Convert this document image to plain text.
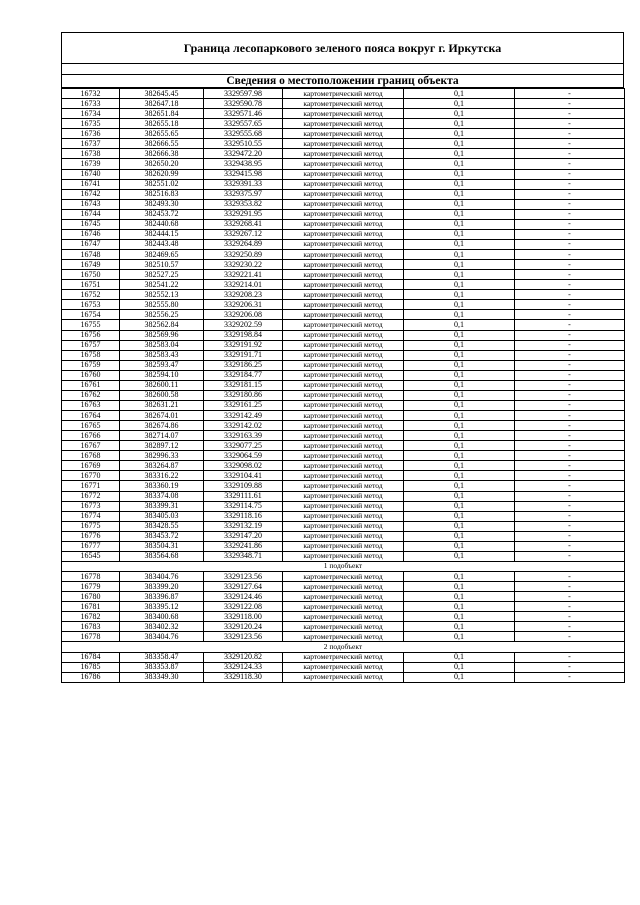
Граница лесопаркового зеленого пояса вокруг г. Иркутска
Сведения о местоположении границ объекта
16732	382645.45	3329597.98	картометрический метод	0,1	-
16733	382647.18	3329590.78	картометрический метод	0,1	-
16734	382651.84	3329571.46	картометрический метод	0,1	-
16735	382655.18	3329557.65	картометрический метод	0,1	-
16736	382655.65	3329555.68	картометрический метод	0,1	-
16737	382666.55	3329510.55	картометрический метод	0,1	-
16738	382666.38	3329472.20	картометрический метод	0,1	-
16739	382650.20	3329438.95	картометрический метод	0,1	-
16740	382620.99	3329415.98	картометрический метод	0,1	-
16741	382551.02	3329391.33	картометрический метод	0,1	-
16742	382516.83	3329375.97	картометрический метод	0,1	-
16743	382493.30	3329353.82	картометрический метод	0,1	-
16744	382453.72	3329291.95	картометрический метод	0,1	-
16745	382440.68	3329268.41	картометрический метод	0,1	-
16746	382444.15	3329267.12	картометрический метод	0,1	-
16747	382443.48	3329264.89	картометрический метод	0,1	-
16748	382469.65	3329250.89	картометрический метод	0,1	-
16749	382510.57	3329230.22	картометрический метод	0,1	-
16750	382527.25	3329221.41	картометрический метод	0,1	-
16751	382541.22	3329214.01	картометрический метод	0,1	-
16752	382552.13	3329208.23	картометрический метод	0,1	-
16753	382555.80	3329206.31	картометрический метод	0,1	-
16754	382556.25	3329206.08	картометрический метод	0,1	-
16755	382562.84	3329202.59	картометрический метод	0,1	-
16756	382569.96	3329198.84	картометрический метод	0,1	-
16757	382583.04	3329191.92	картометрический метод	0,1	-
16758	382583.43	3329191.71	картометрический метод	0,1	-
16759	382593.47	3329186.25	картометрический метод	0,1	-
16760	382594.10	3329184.77	картометрический метод	0,1	-
16761	382600.11	3329181.15	картометрический метод	0,1	-
16762	382600.58	3329180.86	картометрический метод	0,1	-
16763	382631.21	3329161.25	картометрический метод	0,1	-
16764	382674.01	3329142.49	картометрический метод	0,1	-
16765	382674.86	3329142.02	картометрический метод	0,1	-
16766	382714.07	3329163.39	картометрический метод	0,1	-
16767	382897.12	3329077.25	картометрический метод	0,1	-
16768	382996.33	3329064.59	картометрический метод	0,1	-
16769	383264.87	3329098.02	картометрический метод	0,1	-
16770	383316.22	3329104.41	картометрический метод	0,1	-
16771	383360.19	3329109.88	картометрический метод	0,1	-
16772	383374.08	3329111.61	картометрический метод	0,1	-
16773	383399.31	3329114.75	картометрический метод	0,1	-
16774	383405.03	3329118.16	картометрический метод	0,1	-
16775	383428.55	3329132.19	картометрический метод	0,1	-
16776	383453.72	3329147.20	картометрический метод	0,1	-
16777	383504.31	3329241.86	картометрический метод	0,1	-
16545	383564.68	3329348.71	картометрический метод	0,1	-
1 подобъект					
16778	383404.76	3329123.56	картометрический метод	0,1	-
16779	383399.20	3329127.64	картометрический метод	0,1	-
16780	383396.87	3329124.46	картометрический метод	0,1	-
16781	383395.12	3329122.08	картометрический метод	0,1	-
16782	383400.68	3329118.00	картометрический метод	0,1	-
16783	383402.32	3329120.24	картометрический метод	0,1	-
16778	383404.76	3329123.56	картометрический метод	0,1	-
2 подобъект					
16784	383358.47	3329120.82	картометрический метод	0,1	-
16785	383353.87	3329124.33	картометрический метод	0,1	-
16786	383349.30	3329118.30	картометрический метод	0,1	-
